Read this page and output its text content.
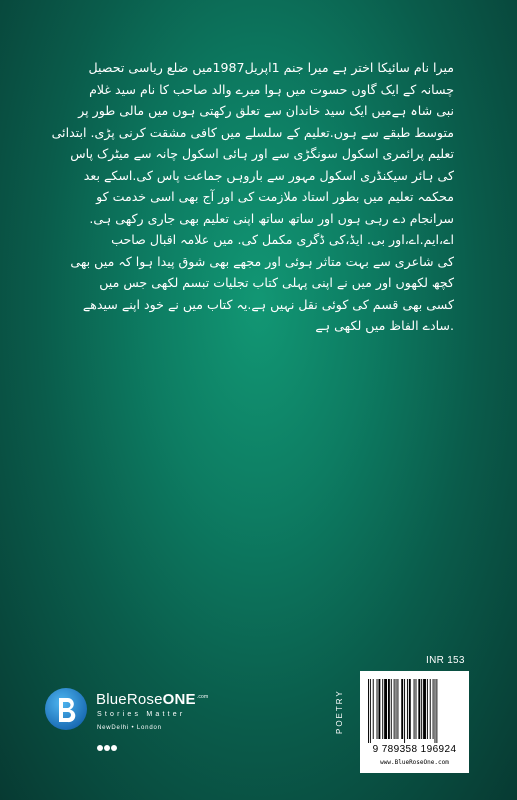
میرا نام سائیکا اختر ہے میرا جنم 1اپریل1987میں ضلع ریاسی تحصیل
چسانہ کے ایک گاوں حسوت میں ہوا میرے والد صاحب کا نام سید غلام
نبی شاہ ہےمیں ایک سید خاندان سے تعلق رکھتی ہوں میں مالی طور پر
متوسط طبقے سے ہوں.تعلیم کے سلسلے میں کافی مشقت کرنی پڑی. ابتدائی
تعلیم پرائمری اسکول سونگڑی سے اور ہائی اسکول چانہ سے میٹرک پاس
کی ہائر سیکنڈری اسکول مہور سے باروہں جماعت پاس کی.اسکے بعد
محکمہ تعلیم میں بطور استاد ملازمت کی اور آج بھی اسی خدمت کو
سرانجام دے رہی ہوں اور ساتھ ساتھ اپنی تعلیم بھی جاری رکھی ہی.
اے،ایم.اے،اور بی. ایڈ،کی ڈگری مکمل کی. میں علامہ اقبال صاحب
کی شاعری سے بہت متاثر ہوئی اور مجھے بھی شوق پیدا ہوا کہ میں بھی
کچھ لکھوں اور میں نے اپنی پہلی کتاب تجلیات تبسم لکھی جس میں
کسی بھی قسم کی کوئی نقل نہیں ہے.یہ کتاب میں نے خود اپنے سیدھے
.سادے الفاظ میں لکھی ہے
BlueRoseONE$^{.com}$
Stories Matter
NewDelhi • London	POETRY
INR 153
9 789358 196924
www.BlueRoseOne.com
